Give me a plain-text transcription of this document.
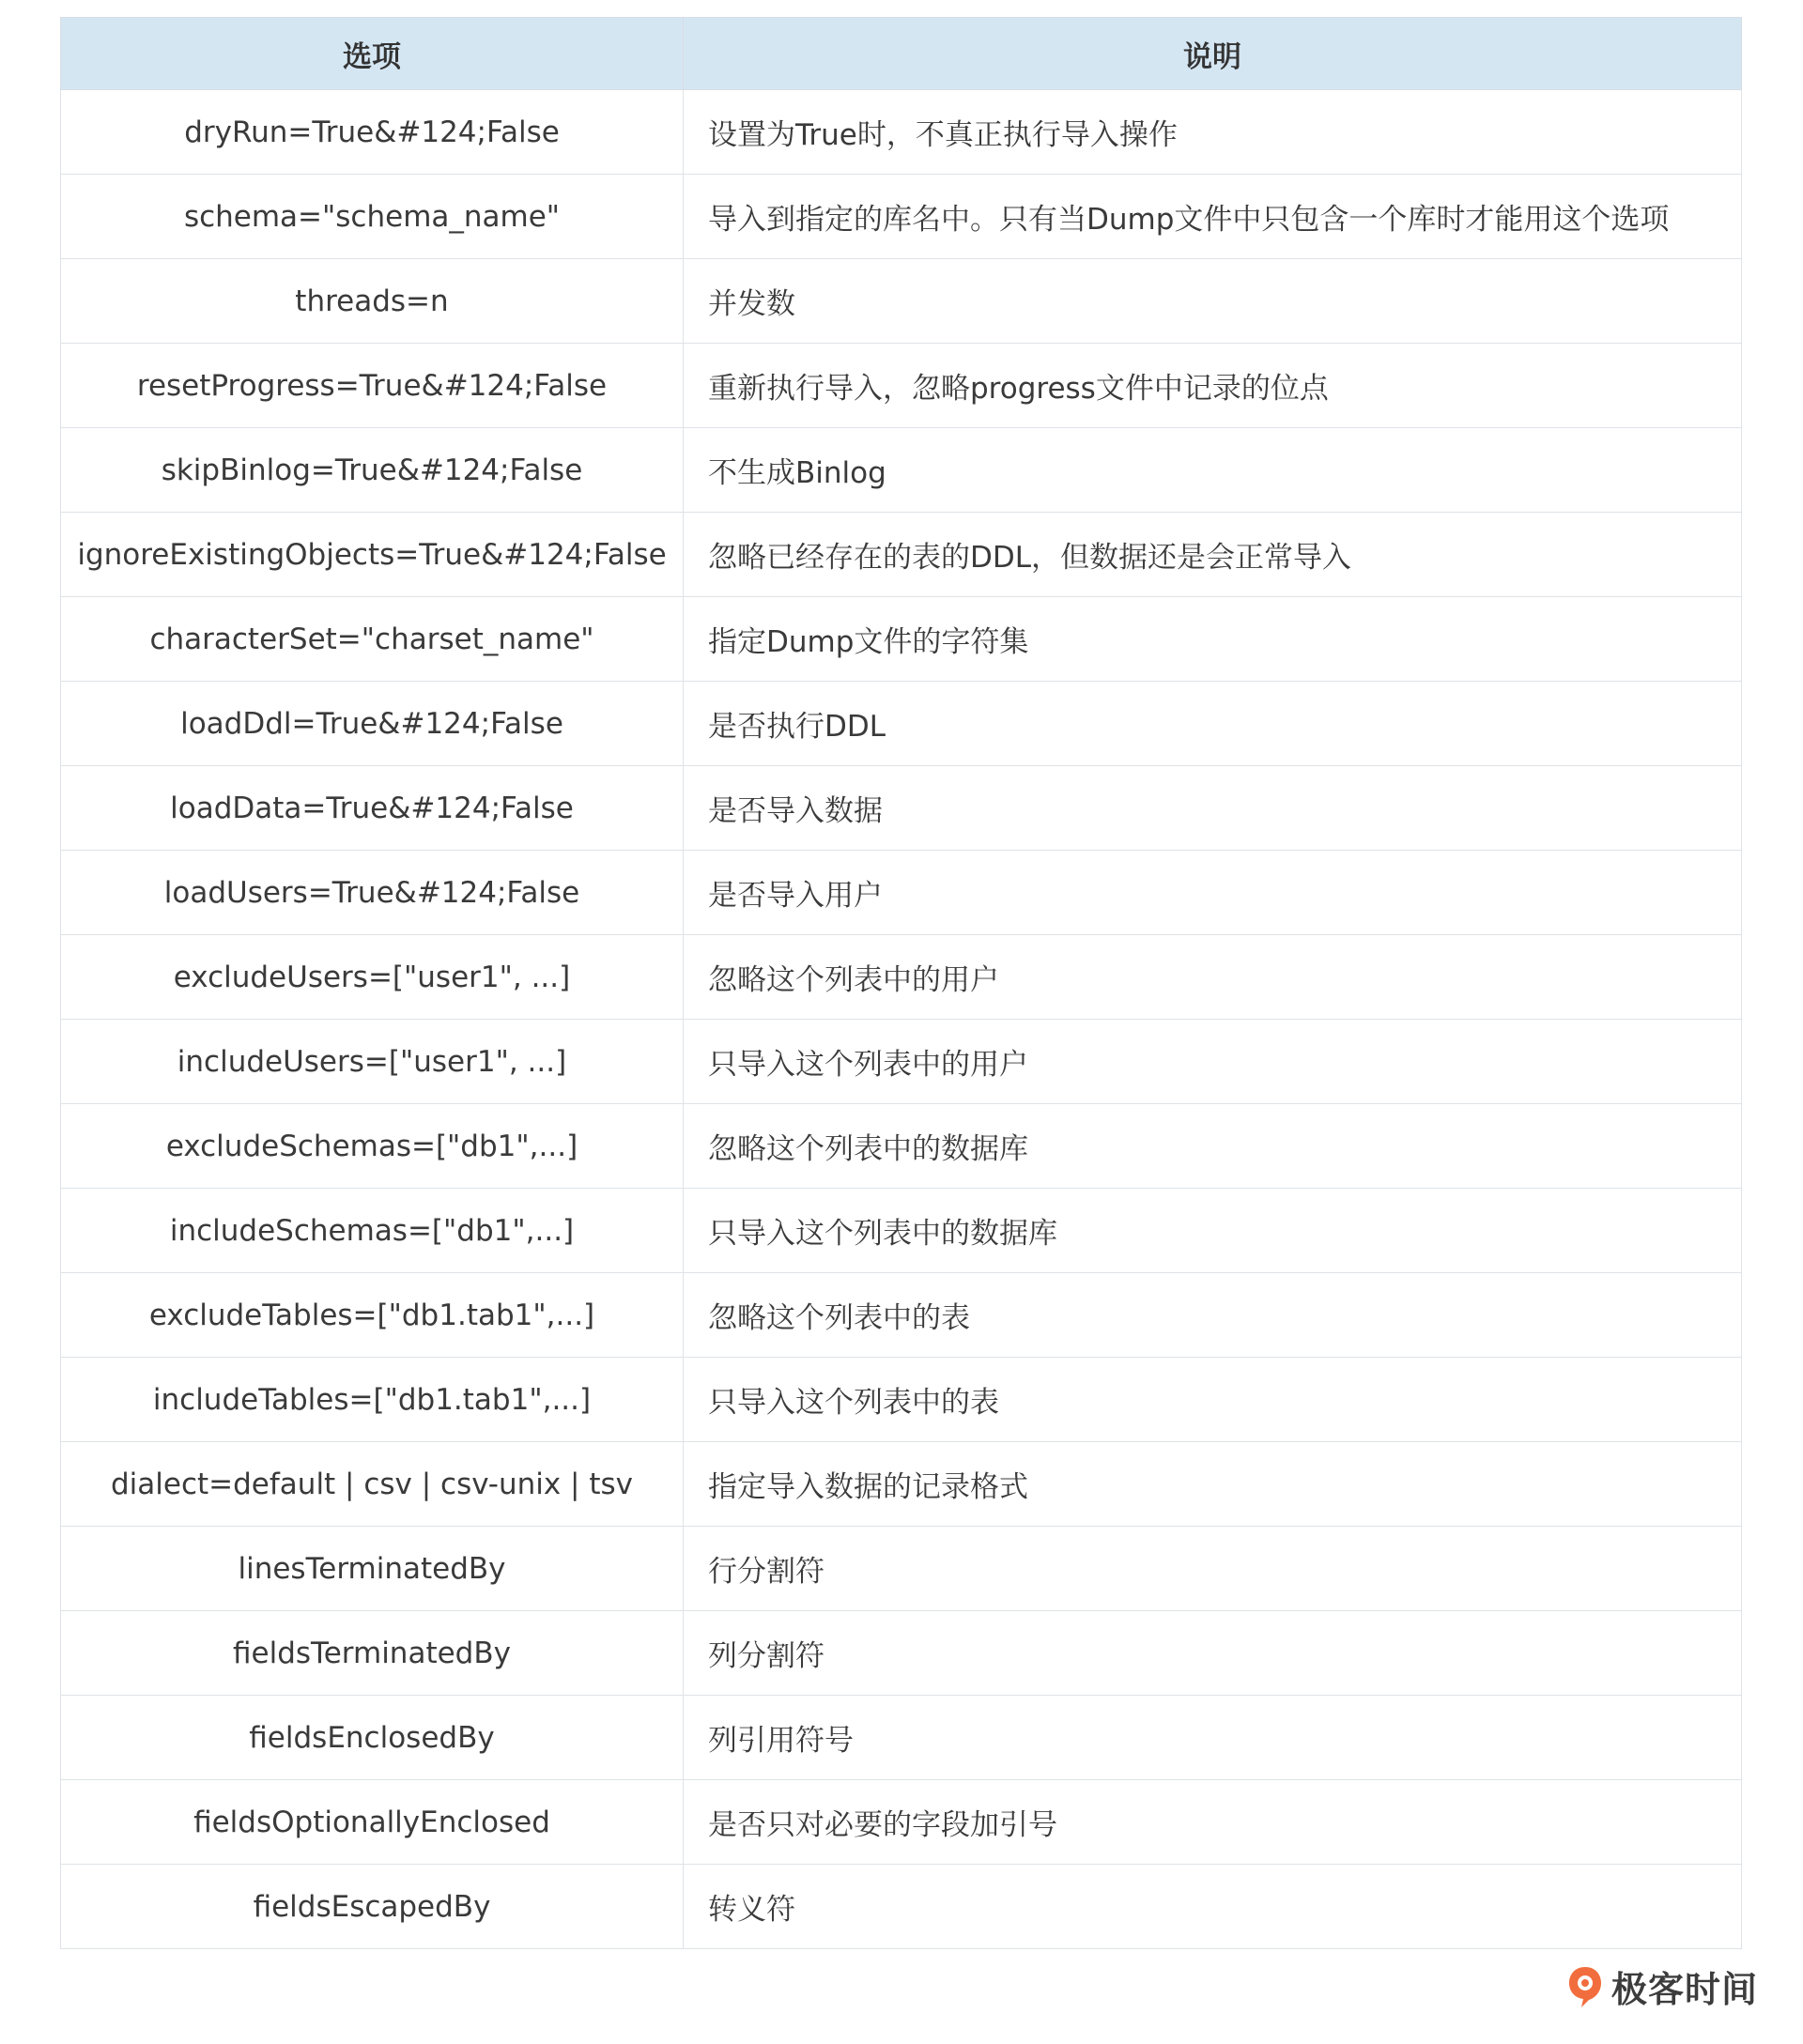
选项	说明
dryRun=True&#124;False	设置为True时，不真正执行导入操作
schema="schema_name"	导入到指定的库名中。只有当Dump文件中只包含一个库时才能用这个选项
threads=n	并发数
resetProgress=True&#124;False	重新执行导入，忽略progress文件中记录的位点
skipBinlog=True&#124;False	不生成Binlog
ignoreExistingObjects=True&#124;False	忽略已经存在的表的DDL，但数据还是会正常导入
characterSet="charset_name"	指定Dump文件的字符集
loadDdl=True&#124;False	是否执行DDL
loadData=True&#124;False	是否导入数据
loadUsers=True&#124;False	是否导入用户
excludeUsers=["user1", ...]	忽略这个列表中的用户
includeUsers=["user1", ...]	只导入这个列表中的用户
excludeSchemas=["db1",...]	忽略这个列表中的数据库
includeSchemas=["db1",...]	只导入这个列表中的数据库
excludeTables=["db1.tab1",...]	忽略这个列表中的表
includeTables=["db1.tab1",...]	只导入这个列表中的表
dialect=default | csv | csv-unix | tsv	指定导入数据的记录格式
linesTerminatedBy	行分割符
fieldsTerminatedBy	列分割符
fieldsEnclosedBy	列引用符号
fieldsOptionallyEnclosed	是否只对必要的字段加引号
fieldsEscapedBy	转义符
极客时间
